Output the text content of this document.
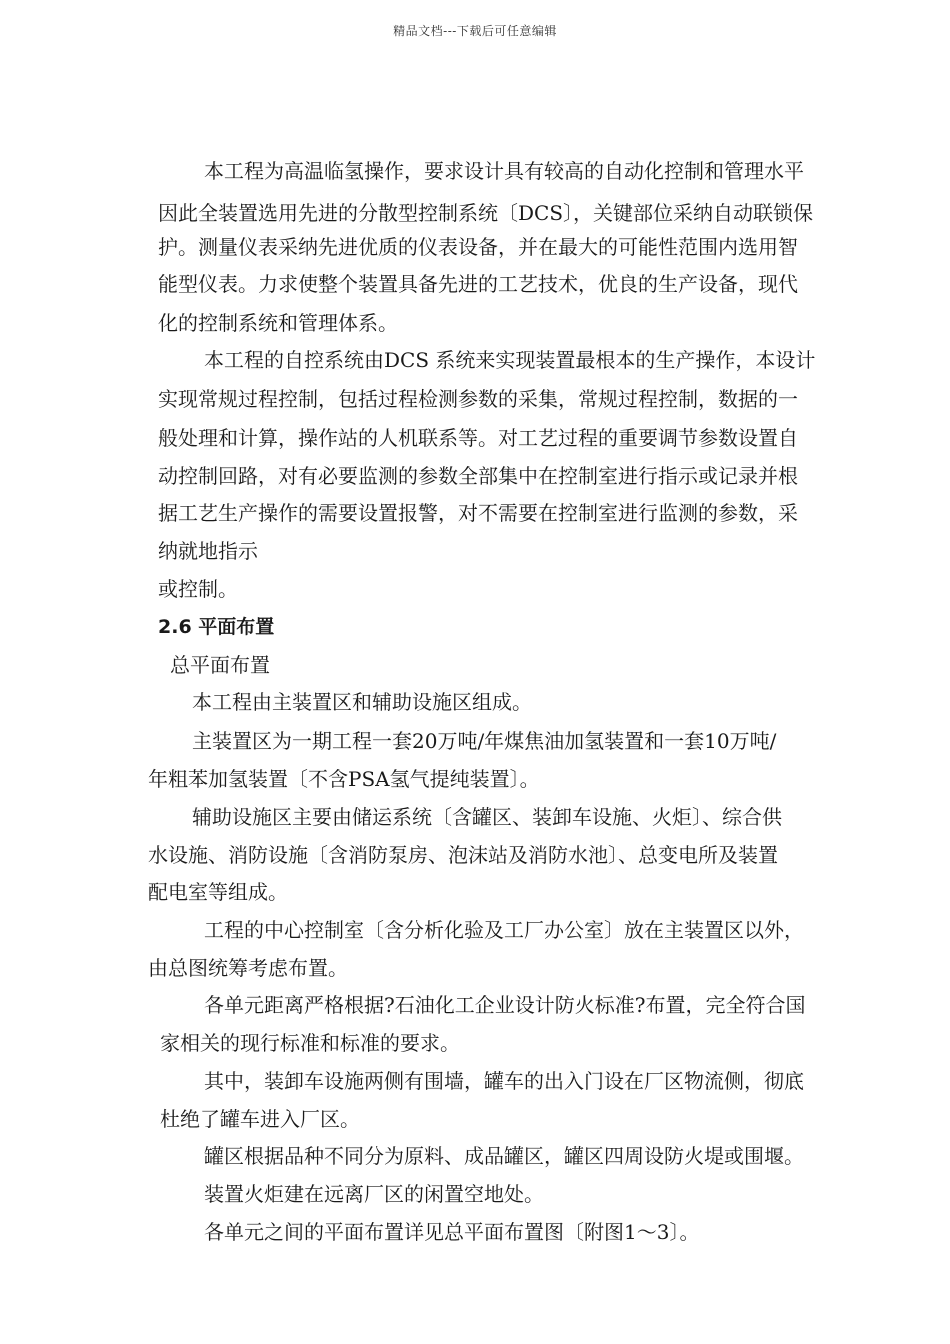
精品文档---下载后可任意编辑
本工程为高温临氢操作，要求设计具有较高的自动化控制和管理水平
因此全装置选用先进的分散型控制系统〔DCS〕，关键部位采纳自动联锁保
护。测量仪表采纳先进优质的仪表设备，并在最大的可能性范围内选用智
能型仪表。力求使整个装置具备先进的工艺技术，优良的生产设备，现代
化的控制系统和管理体系。
本工程的自控系统由DCS 系统来实现装置最根本的生产操作，本设计
实现常规过程控制，包括过程检测参数的采集，常规过程控制，数据的一
般处理和计算，操作站的人机联系等。对工艺过程的重要调节参数设置自
动控制回路，对有必要监测的参数全部集中在控制室进行指示或记录并根
据工艺生产操作的需要设置报警，对不需要在控制室进行监测的参数，采
纳就地指示
或控制。
2.6 平面布置
总平面布置
本工程由主装置区和辅助设施区组成。
主装置区为一期工程一套20万吨/年煤焦油加氢装置和一套10万吨/
年粗苯加氢装置〔不含PSA氢气提纯装置〕。
辅助设施区主要由储运系统〔含罐区、装卸车设施、火炬〕、综合供
水设施、消防设施〔含消防泵房、泡沫站及消防水池〕、总变电所及装置
配电室等组成。
工程的中心控制室〔含分析化验及工厂办公室〕放在主装置区以外，
由总图统筹考虑布置。
各单元距离严格根据?石油化工企业设计防火标准?布置，完全符合国
家相关的现行标准和标准的要求。
其中，装卸车设施两侧有围墙，罐车的出入门设在厂区物流侧，彻底
杜绝了罐车进入厂区。
罐区根据品种不同分为原料、成品罐区，罐区四周设防火堤或围堰。
装置火炬建在远离厂区的闲置空地处。
各单元之间的平面布置详见总平面布置图〔附图1～3〕。
